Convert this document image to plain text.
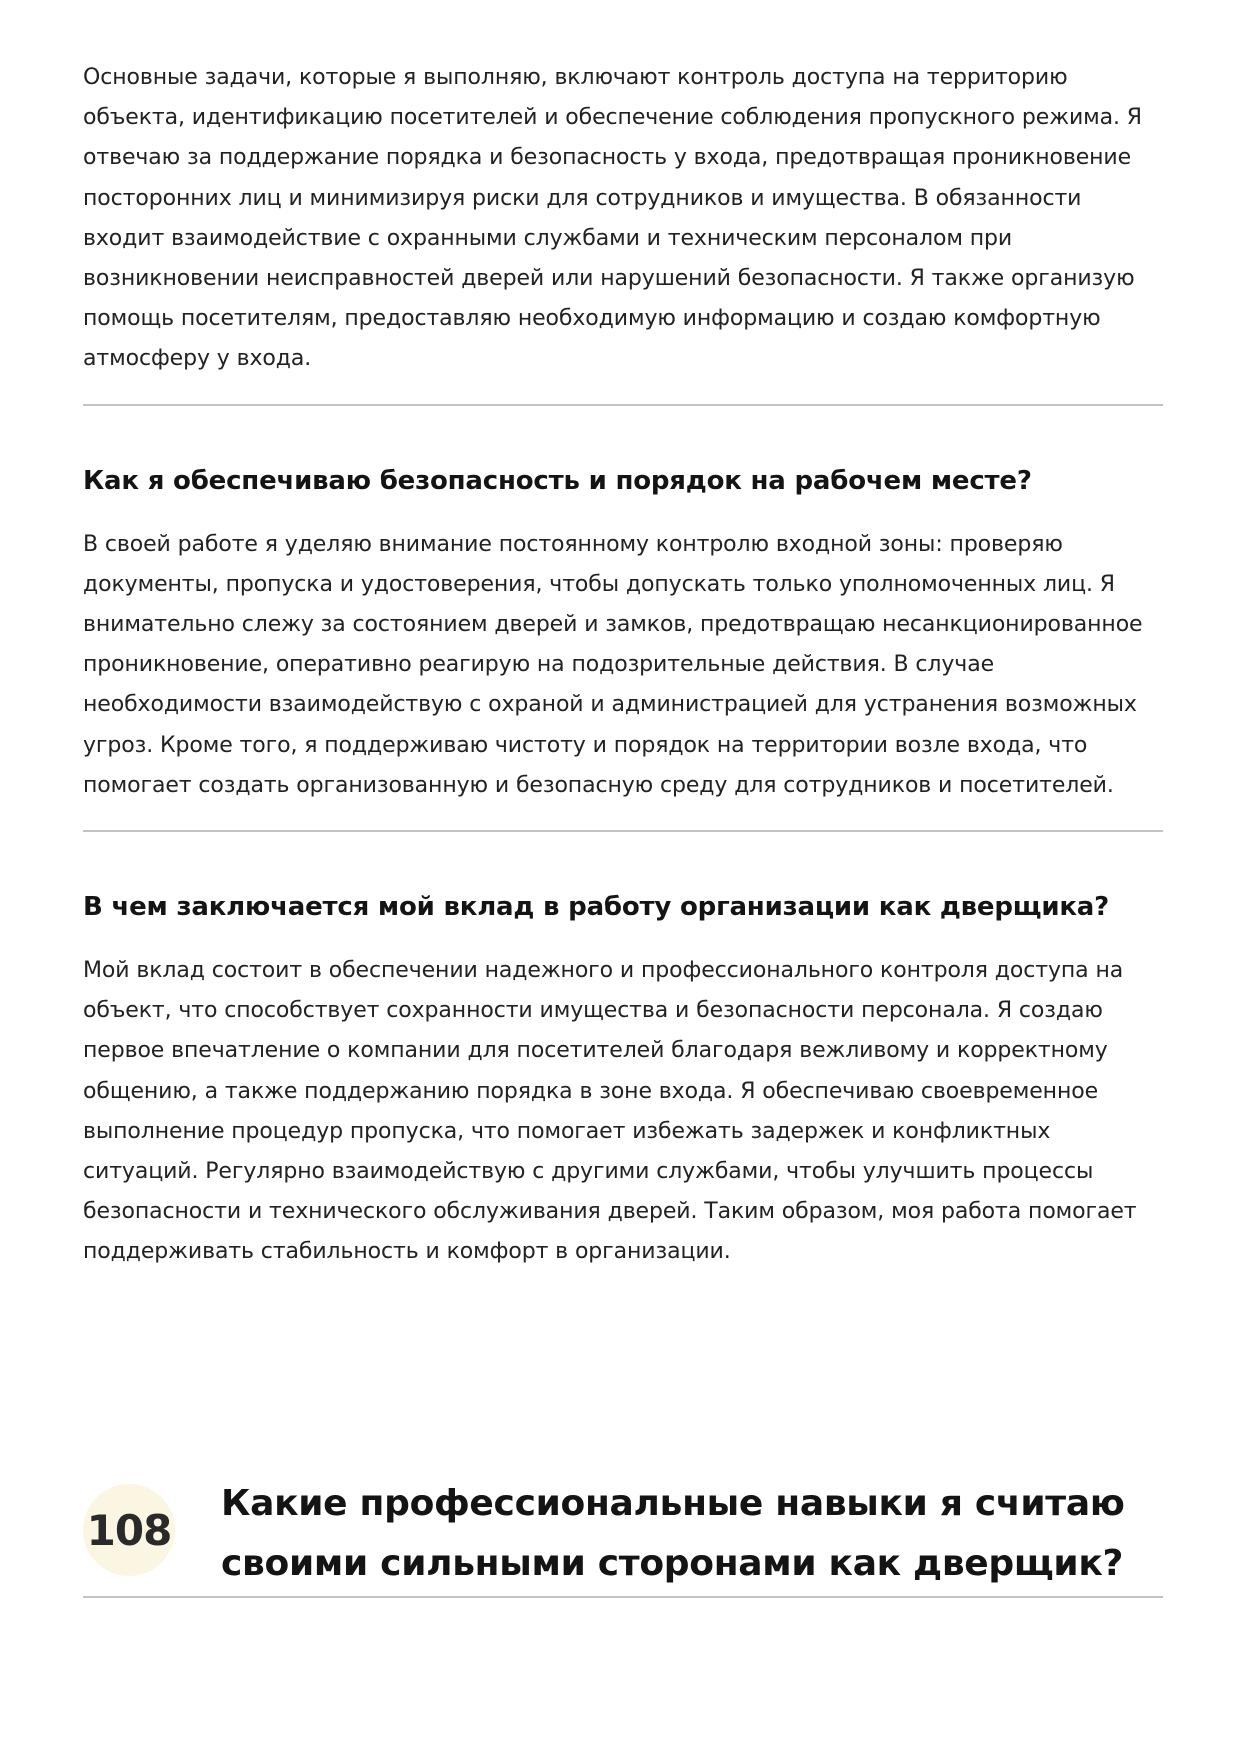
Основные задачи, которые я выполняю, включают контроль доступа на территорию объекта, идентификацию посетителей и обеспечение соблюдения пропускного режима. Я отвечаю за поддержание порядка и безопасность у входа, предотвращая проникновение посторонних лиц и минимизируя риски для сотрудников и имущества. В обязанности входит взаимодействие с охранными службами и техническим персоналом при возникновении неисправностей дверей или нарушений безопасности. Я также организую помощь посетителям, предоставляю необходимую информацию и создаю комфортную атмосферу у входа.

Как я обеспечиваю безопасность и порядок на рабочем месте?

В своей работе я уделяю внимание постоянному контролю входной зоны: проверяю документы, пропуска и удостоверения, чтобы допускать только уполномоченных лиц. Я внимательно слежу за состоянием дверей и замков, предотвращаю несанкционированное проникновение, оперативно реагирую на подозрительные действия. В случае необходимости взаимодействую с охраной и администрацией для устранения возможных угроз. Кроме того, я поддерживаю чистоту и порядок на территории возле входа, что помогает создать организованную и безопасную среду для сотрудников и посетителей.

В чем заключается мой вклад в работу организации как дверщика?

Мой вклад состоит в обеспечении надежного и профессионального контроля доступа на объект, что способствует сохранности имущества и безопасности персонала. Я создаю первое впечатление о компании для посетителей благодаря вежливому и корректному общению, а также поддержанию порядка в зоне входа. Я обеспечиваю своевременное выполнение процедур пропуска, что помогает избежать задержек и конфликтных ситуаций. Регулярно взаимодействую с другими службами, чтобы улучшить процессы безопасности и технического обслуживания дверей. Таким образом, моя работа помогает поддерживать стабильность и комфорт в организации.

108
Какие профессиональные навыки я считаю своими сильными сторонами как дверщик?
